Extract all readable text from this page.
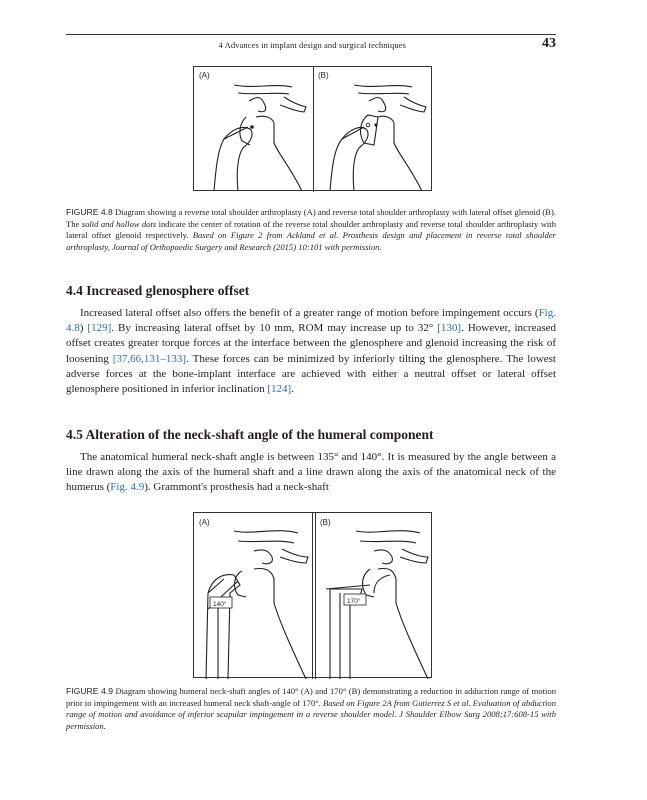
4 Advances in implant design and surgical techniques	43
(A)	(B)
FIGURE 4.8 Diagram showing a reverse total shoulder arthroplasty (A) and reverse total shoulder arthroplasty with lateral offset glenoid (B). The solid and hollow dots indicate the center of rotation of the reverse total shoulder arthroplasty and reverse total shoulder arthroplasty with lateral offset glenoid respectively. Based on Figure 2 from Ackland et al. Prosthesis design and placement in reverse total shoulder arthroplasty, Journal of Orthopaedic Surgery and Research (2015) 10:101 with permission.
4.4 Increased glenosphere offset
Increased lateral offset also offers the benefit of a greater range of motion before impingement occurs (Fig. 4.8) [129]. By increasing lateral offset by 10 mm, ROM may increase up to 32° [130]. However, increased offset creates greater torque forces at the interface between the glenosphere and glenoid increasing the risk of loosening [37,66,131–133]. These forces can be minimized by inferiorly tilting the glenosphere. The lowest adverse forces at the bone-implant interface are achieved with either a neutral offset or lateral offset glenosphere positioned in inferior inclination [124].
4.5 Alteration of the neck-shaft angle of the humeral component
The anatomical humeral neck-shaft angle is between 135° and 140°. It is measured by the angle between a line drawn along the axis of the humeral shaft and a line drawn along the axis of the anatomical neck of the humerus (Fig. 4.9). Grammont's prosthesis had a neck-shaft
(A)	(B)
140°	170°
FIGURE 4.9 Diagram showing humeral neck-shaft angles of 140° (A) and 170° (B) demonstrating a reduction in adduction range of motion prior to impingement with an increased humeral neck shaft-angle of 170°. Based on Figure 2A from Gutierrez S et al. Evaluation of abduction range of motion and avoidance of inferior scapular impingement in a reverse shoulder model. J Shoulder Elbow Surg 2008;17:608-15 with permission.
